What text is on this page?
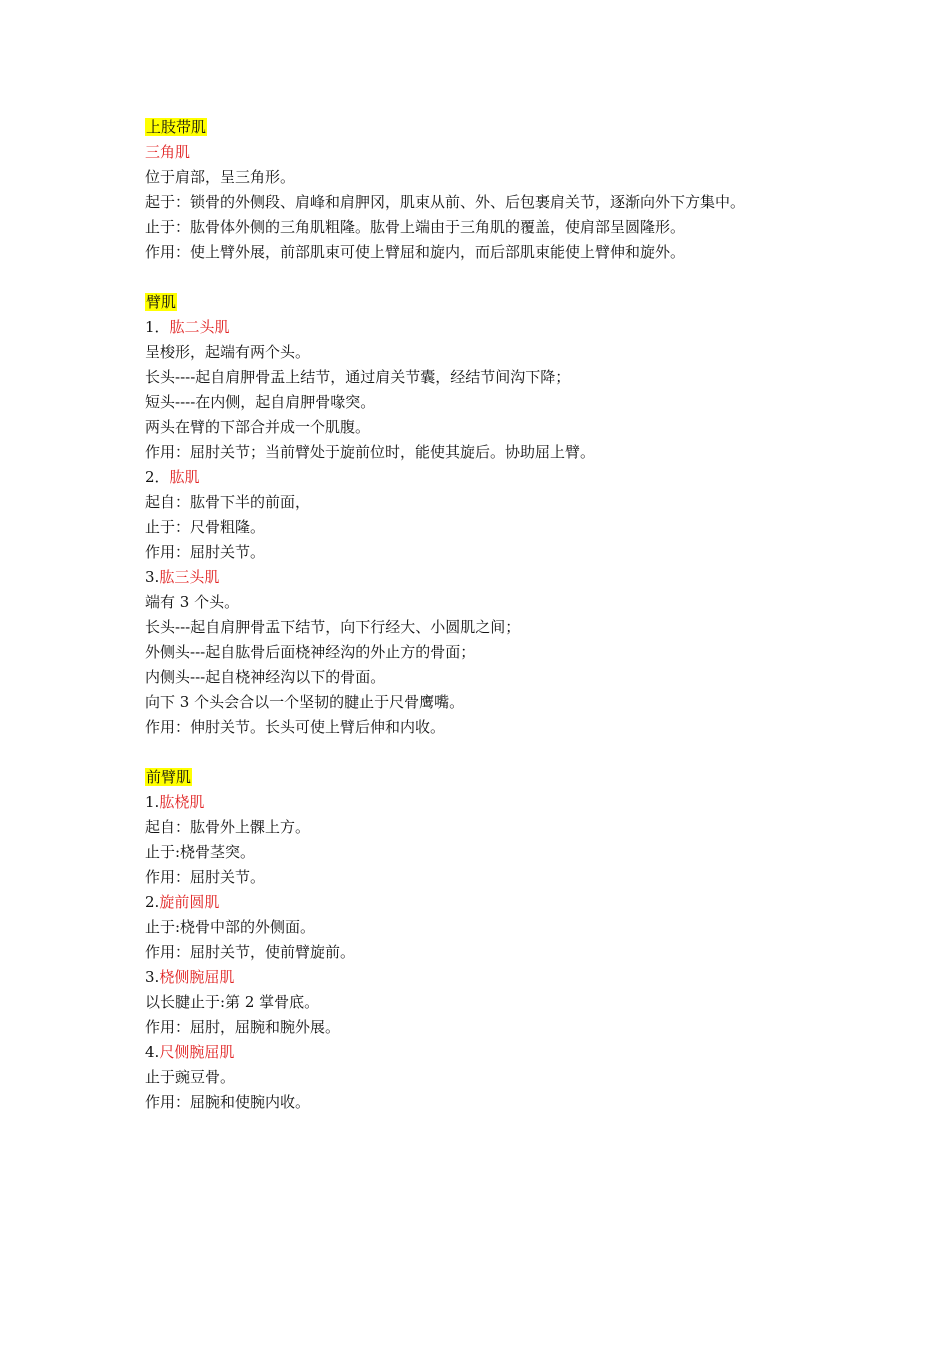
上肢带肌
三角肌
位于肩部，呈三角形。
起于：锁骨的外侧段、肩峰和肩胛冈，肌束从前、外、后包裹肩关节，逐渐向外下方集中。
止于：肱骨体外侧的三角肌粗隆。肱骨上端由于三角肌的覆盖，使肩部呈圆隆形。
作用：使上臂外展，前部肌束可使上臂屈和旋内，而后部肌束能使上臂伸和旋外。
臂肌
1．肱二头肌
呈梭形，起端有两个头。
长头----起自肩胛骨盂上结节，通过肩关节囊，经结节间沟下降；
短头----在内侧，起自肩胛骨喙突。
两头在臂的下部合并成一个肌腹。
作用：屈肘关节；当前臂处于旋前位时，能使其旋后。协助屈上臂。
2．肱肌
起自：肱骨下半的前面，
止于：尺骨粗隆。
作用：屈肘关节。
3.肱三头肌
端有 3 个头。
长头---起自肩胛骨盂下结节，向下行经大、小圆肌之间；
外侧头---起自肱骨后面桡神经沟的外止方的骨面；
内侧头---起自桡神经沟以下的骨面。
向下 3 个头会合以一个坚韧的腱止于尺骨鹰嘴。
作用：伸肘关节。长头可使上臂后伸和内收。
前臂肌
1.肱桡肌
起自：肱骨外上髁上方。
止于:桡骨茎突。
作用：屈肘关节。
2.旋前圆肌
止于:桡骨中部的外侧面。
作用：屈肘关节，使前臂旋前。
3.桡侧腕屈肌
以长腱止于:第 2 掌骨底。
作用：屈肘，屈腕和腕外展。
4.尺侧腕屈肌
止于豌豆骨。
作用：屈腕和使腕内收。
